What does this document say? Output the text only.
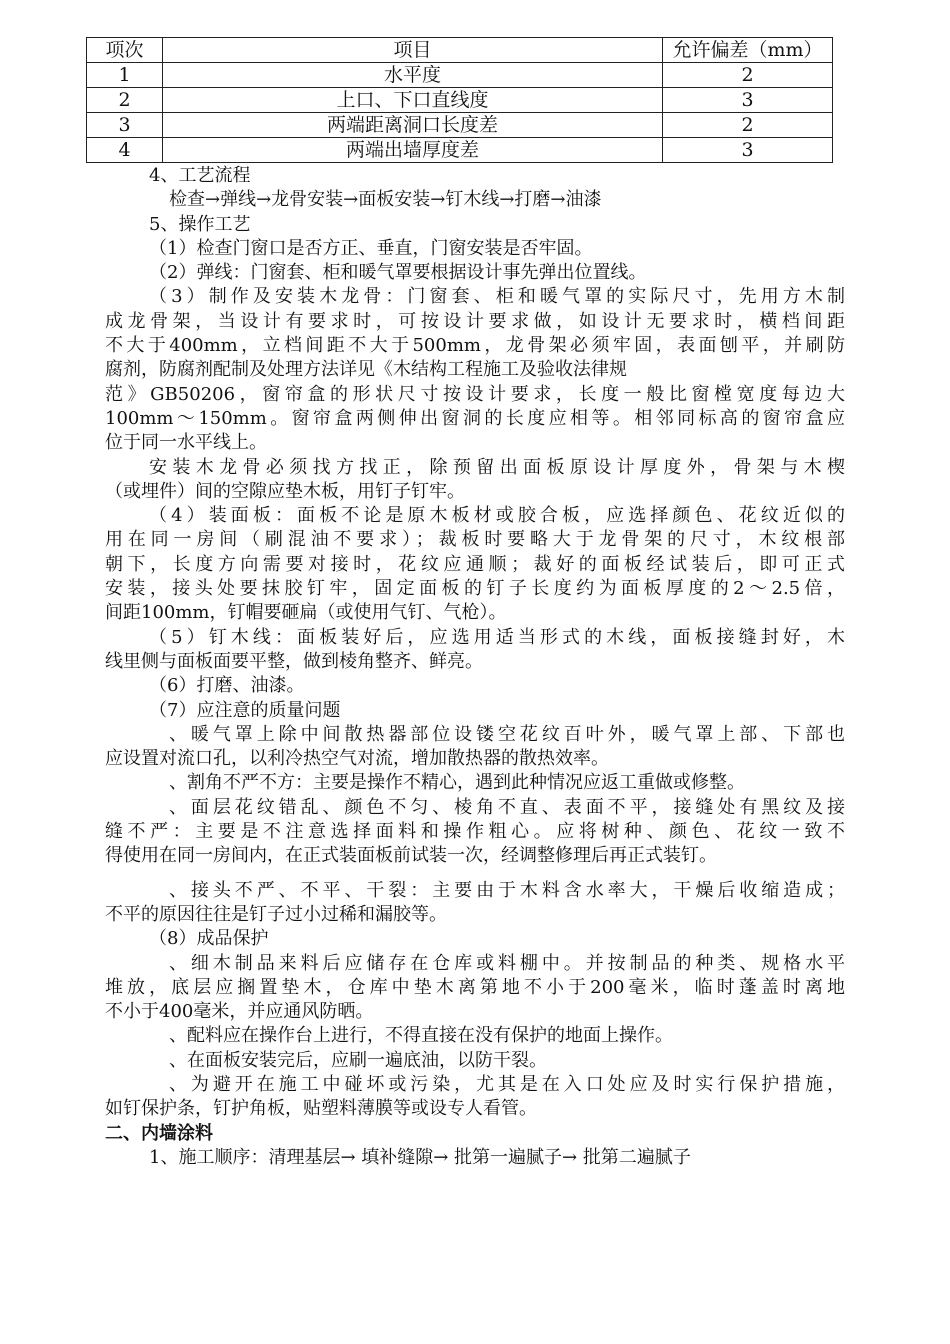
项次	项目	允许偏差（mm）
1	水平度	2
2	上口、下口直线度	3
3	两端距离洞口长度差	2
4	两端出墙厚度差	3
4、工艺流程
检查→弹线→龙骨安装→面板安装→钉木线→打磨→油漆
5、操作工艺
（1）检查门窗口是否方正、垂直，门窗安装是否牢固。
（2）弹线：门窗套、柜和暖气罩要根据设计事先弹出位置线。
（3）制作及安装木龙骨：门窗套、柜和暖气罩的实际尺寸，先用方木制
成龙骨架，当设计有要求时，可按设计要求做，如设计无要求时，横档间距
不大于400mm，立档间距不大于500mm，龙骨架必须牢固，表面刨平，并刷防
腐剂，防腐剂配制及处理方法详见《木结构工程施工及验收法律规
范》GB50206，窗帘盒的形状尺寸按设计要求，长度一般比窗樘宽度每边大
100mm～150mm。窗帘盒两侧伸出窗洞的长度应相等。相邻同标高的窗帘盒应
位于同一水平线上。
安装木龙骨必须找方找正，除预留出面板原设计厚度外，骨架与木楔
（或埋件）间的空隙应垫木板，用钉子钉牢。
（4）装面板：面板不论是原木板材或胶合板，应选择颜色、花纹近似的
用在同一房间（刷混油不要求）；裁板时要略大于龙骨架的尺寸，木纹根部
朝下，长度方向需要对接时，花纹应通顺；裁好的面板经试装后，即可正式
安装，接头处要抹胶钉牢，固定面板的钉子长度约为面板厚度的2～2.5倍，
间距100mm，钉帽要砸扁（或使用气钉、气枪）。
（5）钉木线：面板装好后，应选用适当形式的木线，面板接缝封好，木
线里侧与面板面要平整，做到棱角整齐、鲜亮。
（6）打磨、油漆。
（7）应注意的质量问题
、暖气罩上除中间散热器部位设镂空花纹百叶外，暖气罩上部、下部也
应设置对流口孔，以利冷热空气对流，增加散热器的散热效率。
、割角不严不方：主要是操作不精心，遇到此种情况应返工重做或修整。
、面层花纹错乱、颜色不匀、棱角不直、表面不平，接缝处有黑纹及接
缝不严：主要是不注意选择面料和操作粗心。应将树种、颜色、花纹一致不
得使用在同一房间内，在正式装面板前试装一次，经调整修理后再正式装钉。
、接头不严、不平、干裂：主要由于木料含水率大，干燥后收缩造成；
不平的原因往往是钉子过小过稀和漏胶等。
（8）成品保护
、细木制品来料后应储存在仓库或料棚中。并按制品的种类、规格水平
堆放，底层应搁置垫木，仓库中垫木离第地不小于200毫米，临时蓬盖时离地
不小于400毫米，并应通风防晒。
、配料应在操作台上进行，不得直接在没有保护的地面上操作。
、在面板安装完后，应刷一遍底油，以防干裂。
、为避开在施工中碰坏或污染，尤其是在入口处应及时实行保护措施，
如钉保护条，钉护角板，贴塑料薄膜等或设专人看管。
二、内墙涂料
1、施工顺序：清理基层→ 填补缝隙→ 批第一遍腻子→ 批第二遍腻子
